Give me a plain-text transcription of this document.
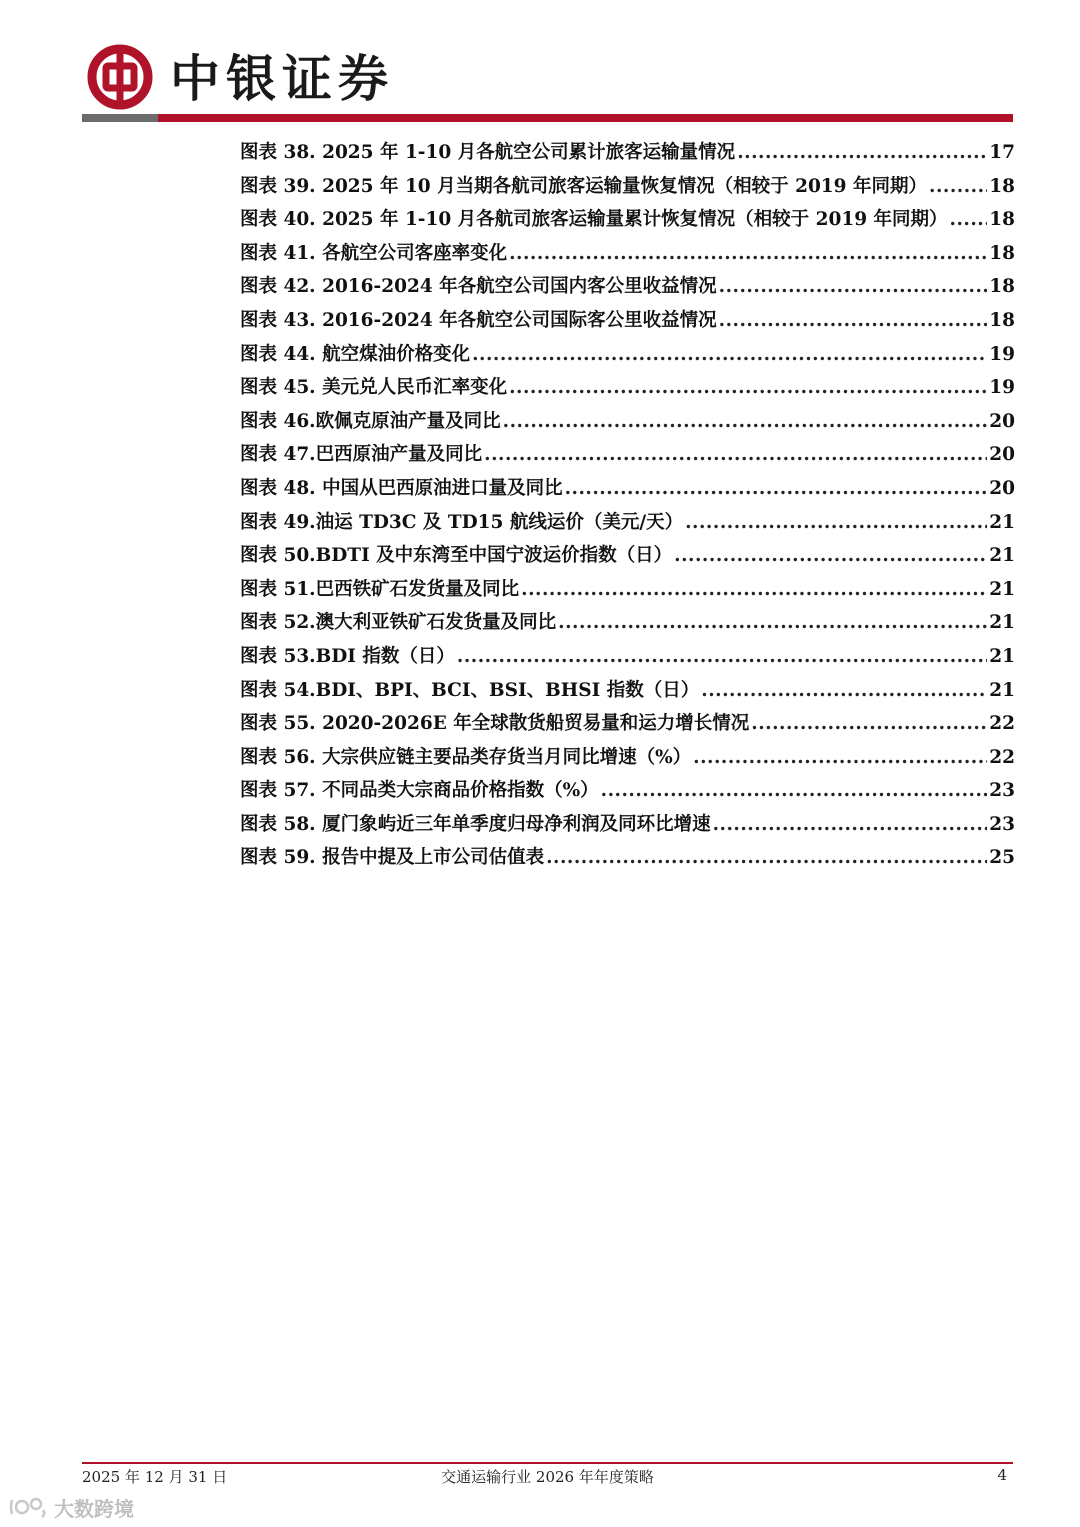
中银证券
图表 38. 2025 年 1-10 月各航空公司累计旅客运输量情况 .....	17
图表 39. 2025 年 10 月当期各航司旅客运输量恢复情况（相较于 2019 年同期） .....	18
图表 40. 2025 年 1-10 月各航司旅客运输量累计恢复情况（相较于 2019 年同期） ..... 18
图表 41. 各航空公司客座率变化 .....	18
图表 42. 2016-2024 年各航空公司国内客公里收益情况 .....	18
图表 43. 2016-2024 年各航空公司国际客公里收益情况 .....	18
图表 44. 航空煤油价格变化 .....	19
图表 45. 美元兑人民币汇率变化 .....	19
图表 46.欧佩克原油产量及同比 .....	20
图表 47.巴西原油产量及同比 .....	20
图表 48. 中国从巴西原油进口量及同比 .....	20
图表 49.油运 TD3C 及 TD15 航线运价（美元/天） .....	21
图表 50.BDTI 及中东湾至中国宁波运价指数（日） .....	21
图表 51.巴西铁矿石发货量及同比 .....	21
图表 52.澳大利亚铁矿石发货量及同比 .....	21
图表 53.BDI 指数（日） .....	21
图表 54.BDI、BPI、BCI、BSI、BHSI 指数（日） .....	21
图表 55. 2020-2026E 年全球散货船贸易量和运力增长情况 .....	22
图表 56. 大宗供应链主要品类存货当月同比增速（%） .....	22
图表 57. 不同品类大宗商品价格指数（%） .....	23
图表 58. 厦门象屿近三年单季度归母净利润及同环比增速 .....	23
图表 59. 报告中提及上市公司估值表 .....	25
2025 年 12 月 31 日	交通运输行业 2026 年年度策略	4
大数跨境
